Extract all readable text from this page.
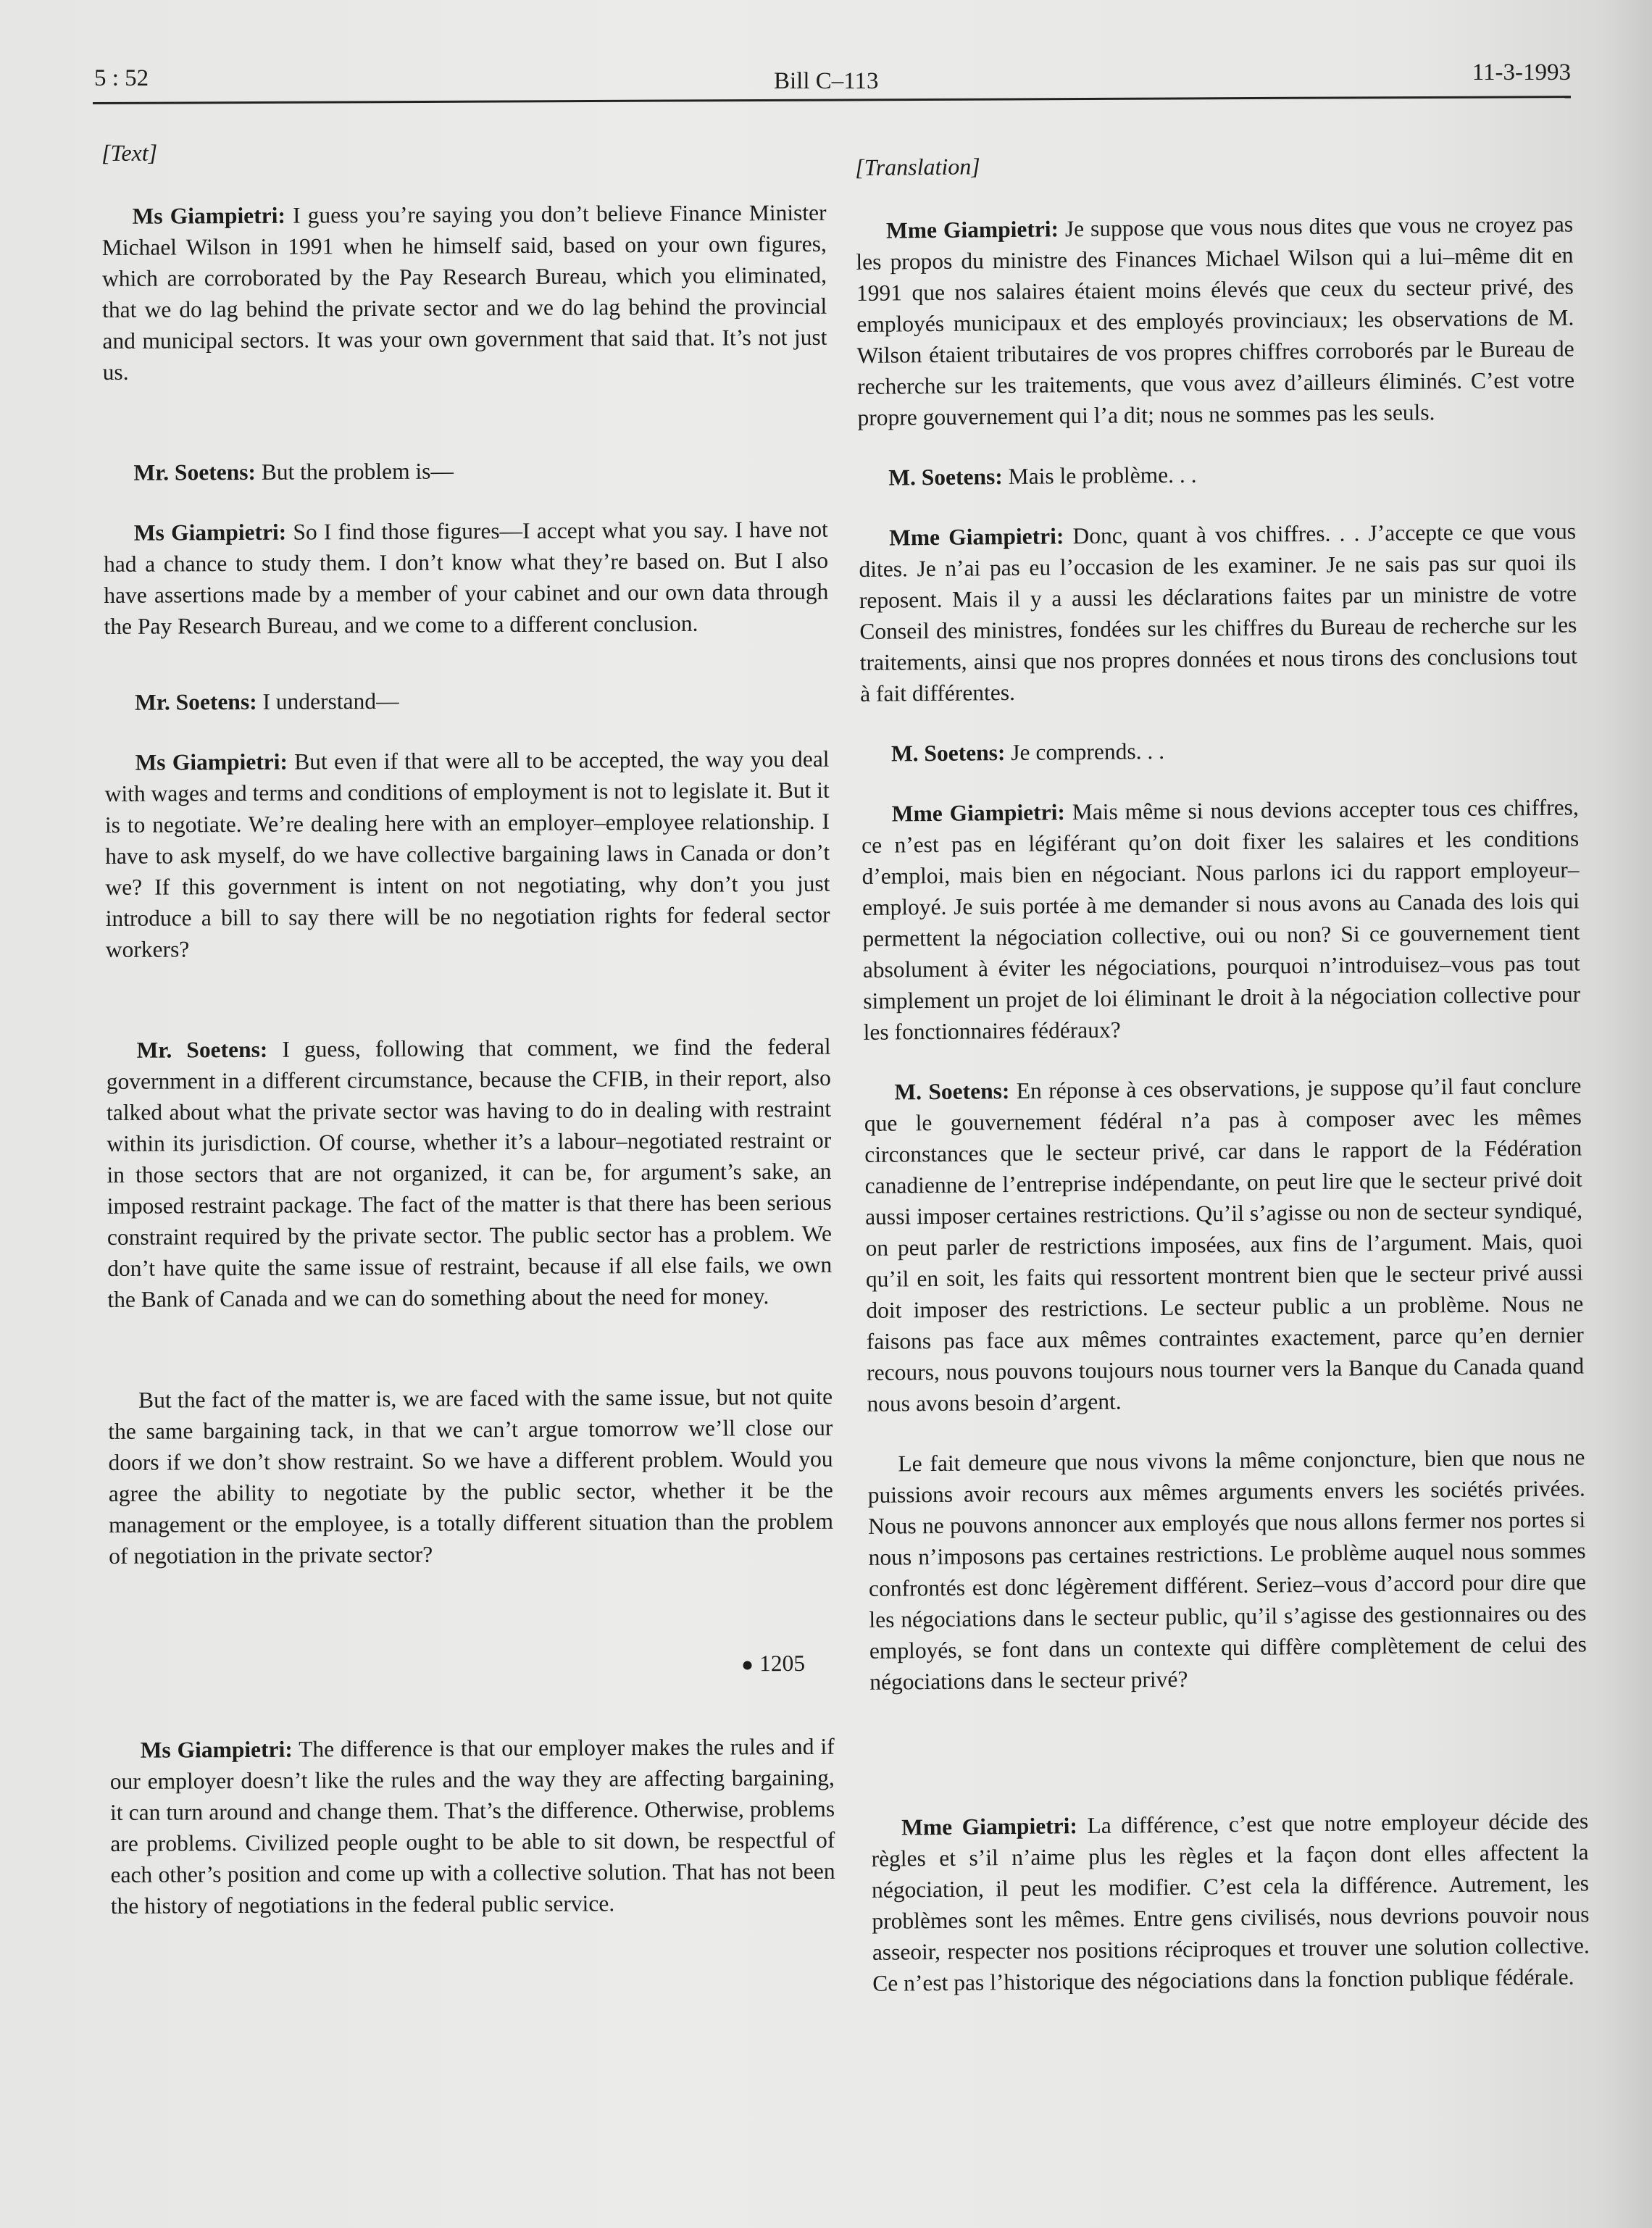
5 : 52	Bill C–113	11-3-1993
[Text]

Ms Giampietri: I guess you’re saying you don’t believe Finance Minister Michael Wilson in 1991 when he himself said, based on your own figures, which are corroborated by the Pay Research Bureau, which you eliminated, that we do lag behind the private sector and we do lag behind the provincial and municipal sectors. It was your own government that said that. It’s not just us.

Mr. Soetens: But the problem is—

Ms Giampietri: So I find those figures—I accept what you say. I have not had a chance to study them. I don’t know what they’re based on. But I also have assertions made by a member of your cabinet and our own data through the Pay Research Bureau, and we come to a different conclusion.

Mr. Soetens: I understand—

Ms Giampietri: But even if that were all to be accepted, the way you deal with wages and terms and conditions of employment is not to legislate it. But it is to negotiate. We’re dealing here with an employer–employee relationship. I have to ask myself, do we have collective bargaining laws in Canada or don’t we? If this government is intent on not negotiating, why don’t you just introduce a bill to say there will be no negotiation rights for federal sector workers?

Mr. Soetens: I guess, following that comment, we find the federal government in a different circumstance, because the CFIB, in their report, also talked about what the private sector was having to do in dealing with restraint within its jurisdiction. Of course, whether it’s a labour–negotiated restraint or in those sectors that are not organized, it can be, for argument’s sake, an imposed restraint package. The fact of the matter is that there has been serious constraint required by the private sector. The public sector has a problem. We don’t have quite the same issue of restraint, because if all else fails, we own the Bank of Canada and we can do something about the need for money.

But the fact of the matter is, we are faced with the same issue, but not quite the same bargaining tack, in that we can’t argue tomorrow we’ll close our doors if we don’t show restraint. So we have a different problem. Would you agree the ability to negotiate by the public sector, whether it be the management or the employee, is a totally different situation than the problem of negotiation in the private sector?

● 1205

Ms Giampietri: The difference is that our employer makes the rules and if our employer doesn’t like the rules and the way they are affecting bargaining, it can turn around and change them. That’s the difference. Otherwise, problems are problems. Civilized people ought to be able to sit down, be respectful of each other’s position and come up with a collective solution. That has not been the history of negotiations in the federal public service.

[Translation]

Mme Giampietri: Je suppose que vous nous dites que vous ne croyez pas les propos du ministre des Finances Michael Wilson qui a lui–même dit en 1991 que nos salaires étaient moins élevés que ceux du secteur privé, des employés municipaux et des employés provinciaux; les observations de M. Wilson étaient tributaires de vos propres chiffres corroborés par le Bureau de recherche sur les traitements, que vous avez d’ailleurs éliminés. C’est votre propre gouvernement qui l’a dit; nous ne sommes pas les seuls.

M. Soetens: Mais le problème. . .

Mme Giampietri: Donc, quant à vos chiffres. . . J’accepte ce que vous dites. Je n’ai pas eu l’occasion de les examiner. Je ne sais pas sur quoi ils reposent. Mais il y a aussi les déclarations faites par un ministre de votre Conseil des ministres, fondées sur les chiffres du Bureau de recherche sur les traitements, ainsi que nos propres données et nous tirons des conclusions tout à fait différentes.

M. Soetens: Je comprends. . .

Mme Giampietri: Mais même si nous devions accepter tous ces chiffres, ce n’est pas en légiférant qu’on doit fixer les salaires et les conditions d’emploi, mais bien en négociant. Nous parlons ici du rapport employeur–employé. Je suis portée à me demander si nous avons au Canada des lois qui permettent la négociation collective, oui ou non? Si ce gouvernement tient absolument à éviter les négociations, pourquoi n’introduisez–vous pas tout simplement un projet de loi éliminant le droit à la négociation collective pour les fonctionnaires fédéraux?

M. Soetens: En réponse à ces observations, je suppose qu’il faut conclure que le gouvernement fédéral n’a pas à composer avec les mêmes circonstances que le secteur privé, car dans le rapport de la Fédération canadienne de l’entreprise indépendante, on peut lire que le secteur privé doit aussi imposer certaines restrictions. Qu’il s’agisse ou non de secteur syndiqué, on peut parler de restrictions imposées, aux fins de l’argument. Mais, quoi qu’il en soit, les faits qui ressortent montrent bien que le secteur privé aussi doit imposer des restrictions. Le secteur public a un problème. Nous ne faisons pas face aux mêmes contraintes exactement, parce qu’en dernier recours, nous pouvons toujours nous tourner vers la Banque du Canada quand nous avons besoin d’argent.

Le fait demeure que nous vivons la même conjoncture, bien que nous ne puissions avoir recours aux mêmes arguments envers les sociétés privées. Nous ne pouvons annoncer aux employés que nous allons fermer nos portes si nous n’imposons pas certaines restrictions. Le problème auquel nous sommes confrontés est donc légèrement différent. Seriez–vous d’accord pour dire que les négociations dans le secteur public, qu’il s’agisse des gestionnaires ou des employés, se font dans un contexte qui diffère complètement de celui des négociations dans le secteur privé?

Mme Giampietri: La différence, c’est que notre employeur décide des règles et s’il n’aime plus les règles et la façon dont elles affectent la négociation, il peut les modifier. C’est cela la différence. Autrement, les problèmes sont les mêmes. Entre gens civilisés, nous devrions pouvoir nous asseoir, respecter nos positions réciproques et trouver une solution collective. Ce n’est pas l’historique des négociations dans la fonction publique fédérale.
